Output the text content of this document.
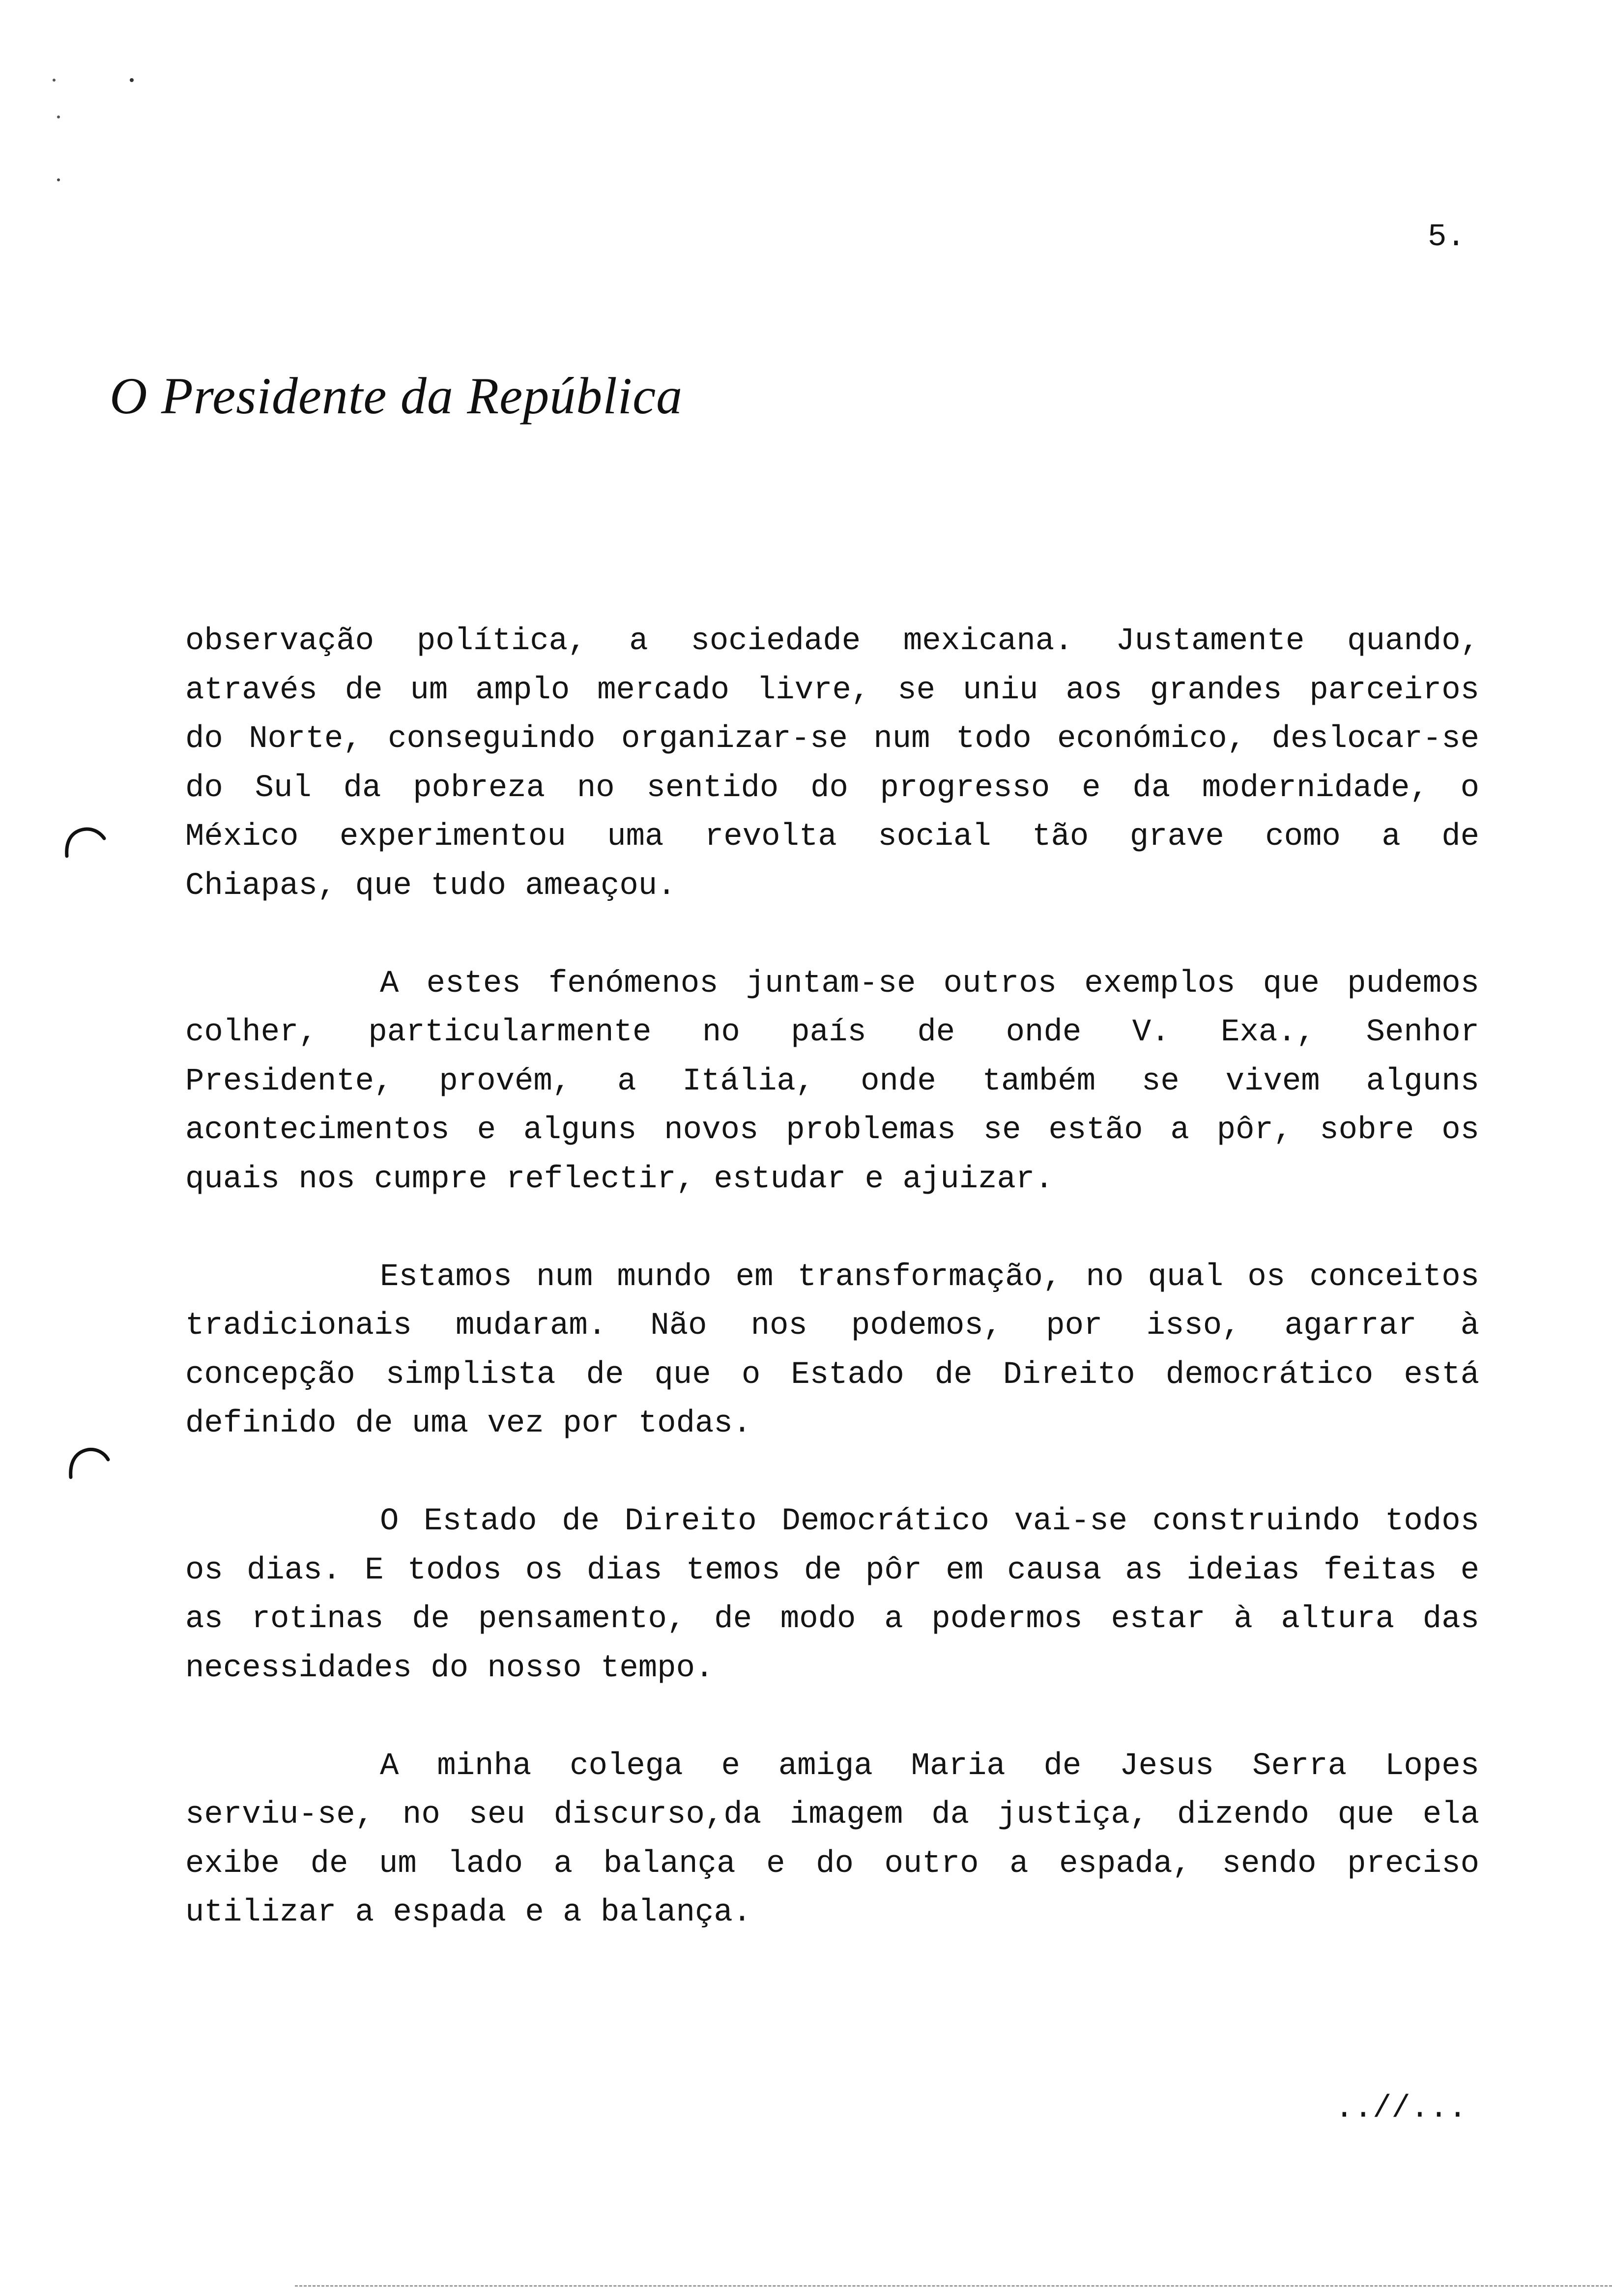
5.
O Presidente da República
observação política, a sociedade mexicana. Justamente quando,
através de um amplo mercado livre, se uniu aos grandes parceiros
do Norte, conseguindo organizar-se num todo económico, deslocar-se
do Sul da pobreza no sentido do progresso e da modernidade, o
México experimentou uma revolta social tão grave como a de
Chiapas, que tudo ameaçou.
A estes fenómenos juntam-se outros exemplos que pudemos
colher, particularmente no país de onde V. Exa., Senhor
Presidente, provém, a Itália, onde também se vivem alguns
acontecimentos e alguns novos problemas se estão a pôr, sobre os
quais nos cumpre reflectir, estudar e ajuizar.
Estamos num mundo em transformação, no qual os conceitos
tradicionais mudaram. Não nos podemos, por isso, agarrar à
concepção simplista de que o Estado de Direito democrático está
definido de uma vez por todas.
O Estado de Direito Democrático vai-se construindo todos
os dias. E todos os dias temos de pôr em causa as ideias feitas e
as rotinas de pensamento, de modo a podermos estar à altura das
necessidades do nosso tempo.
A minha colega e amiga Maria de Jesus Serra Lopes
serviu-se, no seu discurso,da imagem da justiça, dizendo que ela
exibe de um lado a balança e do outro a espada, sendo preciso
utilizar a espada e a balança.
..//...
